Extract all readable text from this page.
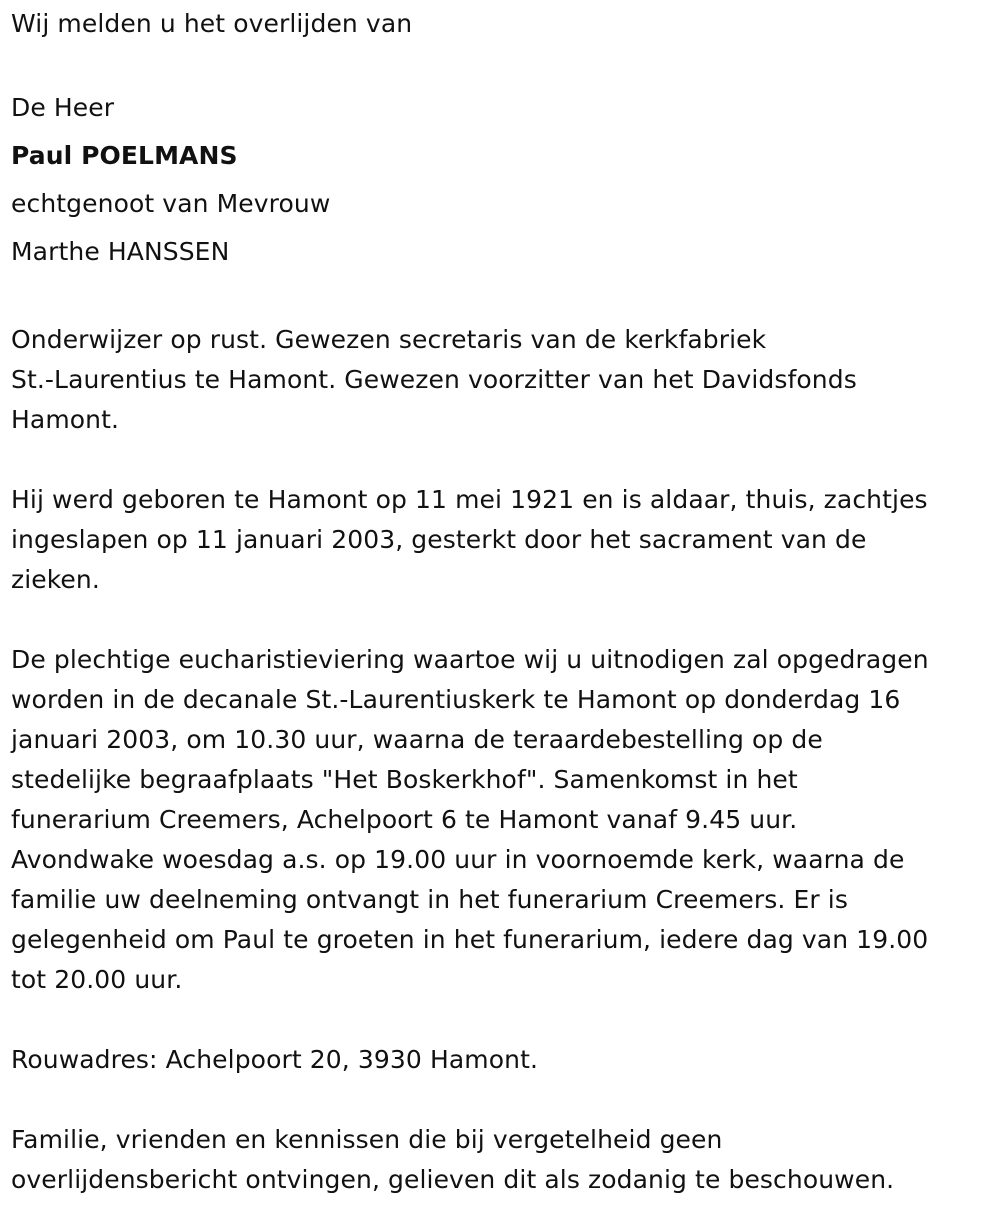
Wij melden u het overlijden van
De Heer
Paul POELMANS
echtgenoot van Mevrouw
Marthe HANSSEN
Onderwijzer op rust. Gewezen secretaris van de kerkfabriek
St.-Laurentius te Hamont. Gewezen voorzitter van het Davidsfonds
Hamont.
Hij werd geboren te Hamont op 11 mei 1921 en is aldaar, thuis, zachtjes
ingeslapen op 11 januari 2003, gesterkt door het sacrament van de
zieken.
De plechtige eucharistieviering waartoe wij u uitnodigen zal opgedragen
worden in de decanale St.-Laurentiuskerk te Hamont op donderdag 16
januari 2003, om 10.30 uur, waarna de teraardebestelling op de
stedelijke begraafplaats "Het Boskerkhof". Samenkomst in het
funerarium Creemers, Achelpoort 6 te Hamont vanaf 9.45 uur.
Avondwake woesdag a.s. op 19.00 uur in voornoemde kerk, waarna de
familie uw deelneming ontvangt in het funerarium Creemers. Er is
gelegenheid om Paul te groeten in het funerarium, iedere dag van 19.00
tot 20.00 uur.
Rouwadres: Achelpoort 20, 3930 Hamont.
Familie, vrienden en kennissen die bij vergetelheid geen
overlijdensbericht ontvingen, gelieven dit als zodanig te beschouwen.
